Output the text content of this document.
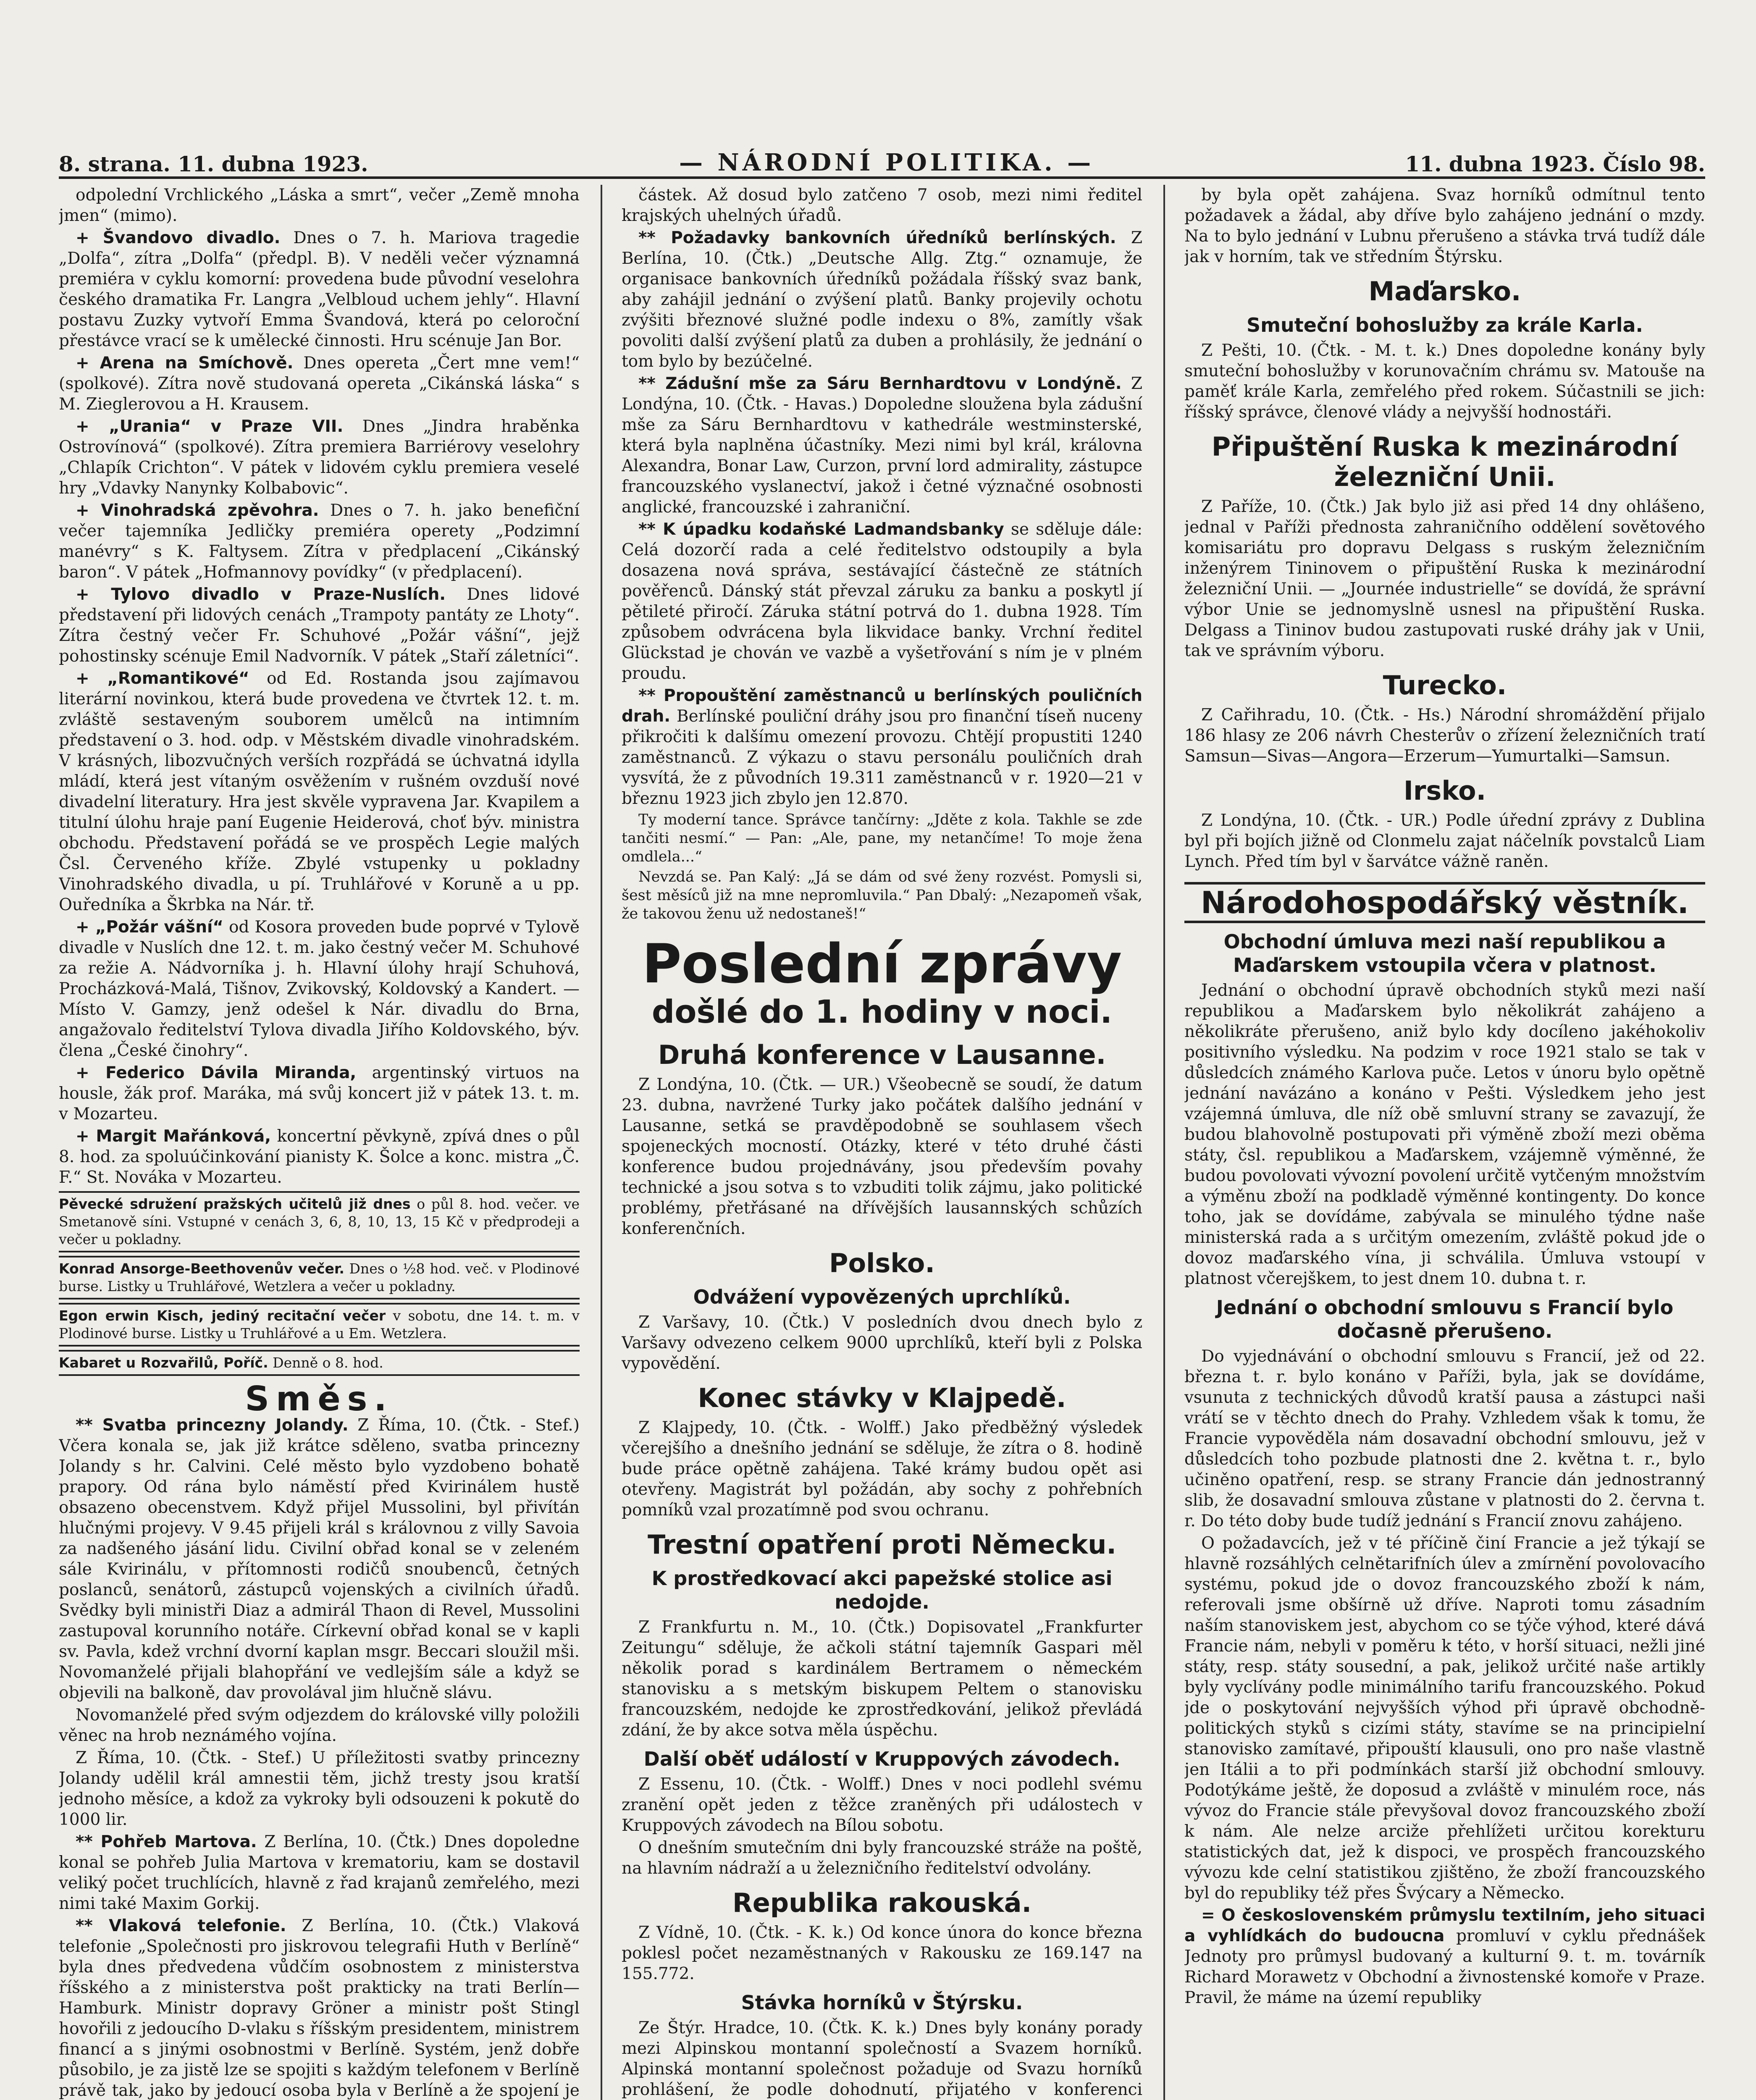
8. strana. 11. dubna 1923.	— NÁRODNÍ POLITIKA. —	11. dubna 1923. Číslo 98.

odpolední Vrchlického „Láska a smrt“, večer „Země mnoha jmen“ (mimo).

+ Švandovo divadlo. Dnes o 7. h. Mariova tragedie „Dolfa“, zítra „Dolfa“ (předpl. B). V neděli večer významná premiéra v cyklu komorní: provedena bude původní veselohra českého dramatika Fr. Langra „Velbloud uchem jehly“. Hlavní postavu Zuzky vytvoří Emma Švandová, která po celoroční přestávce vrací se k umělecké činnosti. Hru scénuje Jan Bor.

+ Arena na Smíchově. Dnes opereta „Čert mne vem!“ (spolkové). Zítra nově studovaná opereta „Cikánská láska“ s M. Zieglerovou a H. Krausem.

+ „Urania“ v Praze VII. Dnes „Jindra hraběnka Ostrovínová“ (spolkové). Zítra premiera Barriérovy veselohry „Chlapík Crichton“. V pátek v lidovém cyklu premiera veselé hry „Vdavky Nanynky Kolbabovic“.

+ Vinohradská zpěvohra. Dnes o 7. h. jako benefiční večer tajemníka Jedličky premiéra operety „Podzimní manévry“ s K. Faltysem. Zítra v předplacení „Cikánský baron“. V pátek „Hofmannovy povídky“ (v předplacení).

+ Tylovo divadlo v Praze-Nuslích. Dnes lidové představení při lidových cenách „Trampoty pantáty ze Lhoty“. Zítra čestný večer Fr. Schuhové „Požár vášní“, jejž pohostinsky scénuje Emil Nadvorník. V pátek „Staří záletníci“.

+ „Romantikové“ od Ed. Rostanda jsou zajímavou literární novinkou, která bude provedena ve čtvrtek 12. t. m. zvláště sestaveným souborem umělců na intimním představení o 3. hod. odp. v Městském divadle vinohradském. V krásných, libozvučných verších rozpřádá se úchvatná idylla mládí, která jest vítaným osvěžením v rušném ovzduší nové divadelní literatury. Hra jest skvěle vypravena Jar. Kvapilem a titulní úlohu hraje paní Eugenie Heiderová, choť býv. ministra obchodu. Představení pořádá se ve prospěch Legie malých Čsl. Červeného kříže. Zbylé vstupenky u pokladny Vinohradského divadla, u pí. Truhlářové v Koruně a u pp. Ouředníka a Škrbka na Nár. tř.

+ „Požár vášní“ od Kosora proveden bude poprvé v Tylově divadle v Nuslích dne 12. t. m. jako čestný večer M. Schuhové za režie A. Nádvorníka j. h. Hlavní úlohy hrají Schuhová, Procházková-Malá, Tišnov, Zvikovský, Koldovský a Kandert. — Místo V. Gamzy, jenž odešel k Nár. divadlu do Brna, angažovalo ředitelství Tylova divadla Jiřího Koldovského, býv. člena „České činohry“.

+ Federico Dávila Miranda, argentinský virtuos na housle, žák prof. Maráka, má svůj koncert již v pátek 13. t. m. v Mozarteu.

+ Margit Mařánková, koncertní pěvkyně, zpívá dnes o půl 8. hod. za spoluúčinkování pianisty K. Šolce a konc. mistra „Č. F.“ St. Nováka v Mozarteu.

Pěvecké sdružení pražských učitelů již dnes o půl 8. hod. večer. ve Smetanově síni. Vstupné v cenách 3, 6, 8, 10, 13, 15 Kč v předprodeji a večer u pokladny.
Konrad Ansorge-Beethovenův večer. Dnes o ½8 hod. več. v Plodinové burse. Listky u Truhlářové, Wetzlera a večer u pokladny.
Egon erwin Kisch, jediný recitační večer v sobotu, dne 14. t. m. v Plodinové burse. Listky u Truhlářové a u Em. Wetzlera.
Kabaret u Rozvařilů, Poříč. Denně o 8. hod.
Směs.

** Svatba princezny Jolandy. Z Říma, 10. (Čtk. - Stef.) Včera konala se, jak již krátce sděleno, svatba princezny Jolandy s hr. Calvini. Celé město bylo vyzdobeno bohatě prapory. Od rána bylo náměstí před Kvirinálem hustě obsazeno obecenstvem. Když přijel Mussolini, byl přivítán hlučnými projevy. V 9.45 přijeli král s královnou z villy Savoia za nadšeného jásání lidu. Civilní obřad konal se v zeleném sále Kvirinálu, v přítomnosti rodičů snoubenců, četných poslanců, senátorů, zástupců vojenských a civilních úřadů. Svědky byli ministři Diaz a admirál Thaon di Revel, Mussolini zastupoval korunního notáře. Církevní obřad konal se v kapli sv. Pavla, kdež vrchní dvorní kaplan msgr. Beccari sloužil mši. Novomanželé přijali blahopřání ve vedlejším sále a když se objevili na balkoně, dav provolával jim hlučně slávu.

Novomanželé před svým odjezdem do královské villy položili věnec na hrob neznámého vojína.

Z Říma, 10. (Čtk. - Stef.) U příležitosti svatby princezny Jolandy udělil král amnestii těm, jichž tresty jsou kratší jednoho měsíce, a kdož za vykroky byli odsouzeni k pokutě do 1000 lir.

** Pohřeb Martova. Z Berlína, 10. (Čtk.) Dnes dopoledne konal se pohřeb Julia Martova v krematoriu, kam se dostavil veliký počet truchlících, hlavně z řad krajanů zemřelého, mezi nimi také Maxim Gorkij.

** Vlaková telefonie. Z Berlína, 10. (Čtk.) Vlaková telefonie „Společnosti pro jiskrovou telegrafii Huth v Berlíně“ byla dnes předvedena vůdčím osobnostem z ministerstva říšského a z ministerstva pošt prakticky na trati Berlín—Hamburk. Ministr dopravy Gröner a ministr pošt Stingl hovořili z jedoucího D-vlaku s říšským presidentem, ministrem financí a s jinými osobnostmi v Berlíně. Systém, jenž dobře působilo, je za jistě lze se spojiti s každým telefonem v Berlíně právě tak, jako by jedoucí osoba byla v Berlíně a že spojení je

částek. Až dosud bylo zatčeno 7 osob, mezi nimi ředitel krajských uhelných úřadů.

** Požadavky bankovních úředníků berlínských. Z Berlína, 10. (Čtk.) „Deutsche Allg. Ztg.“ oznamuje, že organisace bankovních úředníků požádala říšský svaz bank, aby zahájil jednání o zvýšení platů. Banky projevily ochotu zvýšiti březnové služné podle indexu o 8%, zamítly však povoliti další zvýšení platů za duben a prohlásily, že jednání o tom bylo by bezúčelné.

** Zádušní mše za Sáru Bernhardtovu v Londýně. Z Londýna, 10. (Čtk. - Havas.) Dopoledne sloužena byla zádušní mše za Sáru Bernhardtovu v kathedrále westminsterské, která byla naplněna účastníky. Mezi nimi byl král, královna Alexandra, Bonar Law, Curzon, první lord admirality, zástupce francouzského vyslanectví, jakož i četné význačné osobnosti anglické, francouzské i zahraniční.

** K úpadku kodaňské Ladmandsbanky se sděluje dále: Celá dozorčí rada a celé ředitelstvo odstoupily a byla dosazena nová správa, sestávající částečně ze státních pověřenců. Dánský stát převzal záruku za banku a poskytl jí pětileté přiročí. Záruka státní potrvá do 1. dubna 1928. Tím způsobem odvrácena byla likvidace banky. Vrchní ředitel Glückstad je chován ve vazbě a vyšetřování s ním je v plném proudu.

** Propouštění zaměstnanců u berlínských pouličních drah. Berlínské pouliční dráhy jsou pro finanční tíseň nuceny přikročiti k dalšímu omezení provozu. Chtějí propustiti 1240 zaměstnanců. Z výkazu o stavu personálu pouličních drah vysvítá, že z původních 19.311 zaměstnanců v r. 1920—21 v březnu 1923 jich zbylo jen 12.870.

Ty moderní tance. Správce tančírny: „Jděte z kola. Takhle se zde tančiti nesmí.“ — Pan: „Ale, pane, my netančíme! To moje žena omdlela...“

Nevzdá se. Pan Kalý: „Já se dám od své ženy rozvést. Pomysli si, šest měsíců již na mne nepromluvila.“ Pan Dbalý: „Nezapomeň však, že takovou ženu už nedostaneš!“

Poslední zprávy
došlé do 1. hodiny v noci.
Druhá konference v Lausanne.

Z Londýna, 10. (Čtk. — UR.) Všeobecně se soudí, že datum 23. dubna, navržené Turky jako počátek dalšího jednání v Lausanne, setká se pravděpodobně se souhlasem všech spojeneckých mocností. Otázky, které v této druhé části konference budou projednávány, jsou především povahy technické a jsou sotva s to vzbuditi tolik zájmu, jako politické problémy, přetřásané na dřívějších lausannských schůzích konferenčních.

Polsko.
Odvážení vypovězených uprchlíků.

Z Varšavy, 10. (Čtk.) V posledních dvou dnech bylo z Varšavy odvezeno celkem 9000 uprchlíků, kteří byli z Polska vypovědění.

Konec stávky v Klajpedě.

Z Klajpedy, 10. (Čtk. - Wolff.) Jako předběžný výsledek včerejšího a dnešního jednání se sděluje, že zítra o 8. hodině bude práce opětně zahájena. Také krámy budou opět asi otevřeny. Magistrát byl požádán, aby sochy z pohřebních pomníků vzal prozatímně pod svou ochranu.

Trestní opatření proti Německu.
K prostředkovací akci papežské stolice asi nedojde.

Z Frankfurtu n. M., 10. (Čtk.) Dopisovatel „Frankfurter Zeitungu“ sděluje, že ačkoli státní tajemník Gaspari měl několik porad s kardinálem Bertramem o německém stanovisku a s metským biskupem Peltem o stanovisku francouzském, nedojde ke zprostředkování, jelikož převládá zdání, že by akce sotva měla úspěchu.

Další oběť událostí v Kruppových závodech.

Z Essenu, 10. (Čtk. - Wolff.) Dnes v noci podlehl svému zranění opět jeden z těžce zraněných při událostech v Kruppových závodech na Bílou sobotu.

O dnešním smutečním dni byly francouzské stráže na poště, na hlavním nádraží a u železničního ředitelství odvolány.

Republika rakouská.

Z Vídně, 10. (Čtk. - K. k.) Od konce února do konce března poklesl počet nezaměstnaných v Rakousku ze 169.147 na 155.772.

Stávka horníků v Štýrsku.

Ze Štýr. Hradce, 10. (Čtk. K. k.) Dnes byly konány porady mezi Alpinskou montanní společností a Svazem horníků. Alpinská montanní společnost požaduje od Svazu horníků prohlášení, že podle dohodnutí, přijatého v konferenci

by byla opět zahájena. Svaz horníků odmítnul tento požadavek a žádal, aby dříve bylo zahájeno jednání o mzdy. Na to bylo jednání v Lubnu přerušeno a stávka trvá tudíž dále jak v horním, tak ve středním Štýrsku.

Maďarsko.
Smuteční bohoslužby za krále Karla.

Z Pešti, 10. (Čtk. - M. t. k.) Dnes dopoledne konány byly smuteční bohoslužby v korunovačním chrámu sv. Matouše na paměť krále Karla, zemřelého před rokem. Súčastnili se jich: říšský správce, členové vlády a nejvyšší hodnostáři.

Připuštění Ruska k mezinárodní železniční Unii.

Z Paříže, 10. (Čtk.) Jak bylo již asi před 14 dny ohlášeno, jednal v Paříži přednosta zahraničního oddělení sovětového komisariátu pro dopravu Delgass s ruským železničním inženýrem Tininovem o připuštění Ruska k mezinárodní železniční Unii. — „Journée industrielle“ se dovídá, že správní výbor Unie se jednomyslně usnesl na připuštění Ruska. Delgass a Tininov budou zastupovati ruské dráhy jak v Unii, tak ve správním výboru.

Turecko.

Z Cařihradu, 10. (Čtk. - Hs.) Národní shromáždění přijalo 186 hlasy ze 206 návrh Chesterův o zřízení železničních tratí Samsun—Sivas—Angora—Erzerum—Yumurtalki—Samsun.

Irsko.

Z Londýna, 10. (Čtk. - UR.) Podle úřední zprávy z Dublina byl při bojích jižně od Clonmelu zajat náčelník povstalců Liam Lynch. Před tím byl v šarvátce vážně raněn.

Národohospodářský věstník.
Obchodní úmluva mezi naší republikou a Maďarskem vstoupila včera v platnost.

Jednání o obchodní úpravě obchodních styků mezi naší republikou a Maďarskem bylo několikrát zahájeno a několikráte přerušeno, aniž bylo kdy docíleno jakéhokoliv positivního výsledku. Na podzim v roce 1921 stalo se tak v důsledcích známého Karlova puče. Letos v únoru bylo opětně jednání navázáno a konáno v Pešti. Výsledkem jeho jest vzájemná úmluva, dle níž obě smluvní strany se zavazují, že budou blahovolně postupovati při výměně zboží mezi oběma státy, čsl. republikou a Maďarskem, vzájemně výměnné, že budou povolovati vývozní povolení určitě vytčeným množstvím a výměnu zboží na podkladě výměnné kontingenty. Do konce toho, jak se dovídáme, zabývala se minulého týdne naše ministerská rada a s určitým omezením, zvláště pokud jde o dovoz maďarského vína, ji schválila. Úmluva vstoupí v platnost včerejškem, to jest dnem 10. dubna t. r.

Jednání o obchodní smlouvu s Francií bylo dočasně přerušeno.

Do vyjednávání o obchodní smlouvu s Francií, jež od 22. března t. r. bylo konáno v Paříži, byla, jak se dovídáme, vsunuta z technických důvodů kratší pausa a zástupci naši vrátí se v těchto dnech do Prahy. Vzhledem však k tomu, že Francie vypověděla nám dosavadní obchodní smlouvu, jež v důsledcích toho pozbude platnosti dne 2. května t. r., bylo učiněno opatření, resp. se strany Francie dán jednostranný slib, že dosavadní smlouva zůstane v platnosti do 2. června t. r. Do této doby bude tudíž jednání s Francií znovu zahájeno.

O požadavcích, jež v té příčině činí Francie a jež týkají se hlavně rozsáhlých celnětarifních úlev a zmírnění povolovacího systému, pokud jde o dovoz francouzského zboží k nám, referovali jsme obšírně už dříve. Naproti tomu zásadním naším stanoviskem jest, abychom co se týče výhod, které dává Francie nám, nebyli v poměru k této, v horší situaci, nežli jiné státy, resp. státy sousední, a pak, jelikož určité naše artikly byly vyclívány podle minimálního tarifu francouzského. Pokud jde o poskytování nejvyšších výhod při úpravě obchodně-politických styků s cizími státy, stavíme se na principielní stanovisko zamítavé, připouští klausuli, ono pro naše vlastně jen Itálii a to při podmínkách starší již obchodní smlouvy. Podotýkáme ještě, že doposud a zvláště v minulém roce, nás vývoz do Francie stále převyšoval dovoz francouzského zboží k nám. Ale nelze arciže přehlížeti určitou korekturu statistických dat, jež k dispoci, ve prospěch francouzského vývozu kde celní statistikou zjištěno, že zboží francouzského byl do republiky též přes Švýcary a Německo.

= O československém průmyslu textilním, jeho situaci a vyhlídkách do budoucna promluví v cyklu přednášek Jednoty pro průmysl budovaný a kulturní 9. t. m. továrník Richard Morawetz v Obchodní a živnostenské komoře v Praze. Pravil, že máme na území republiky
